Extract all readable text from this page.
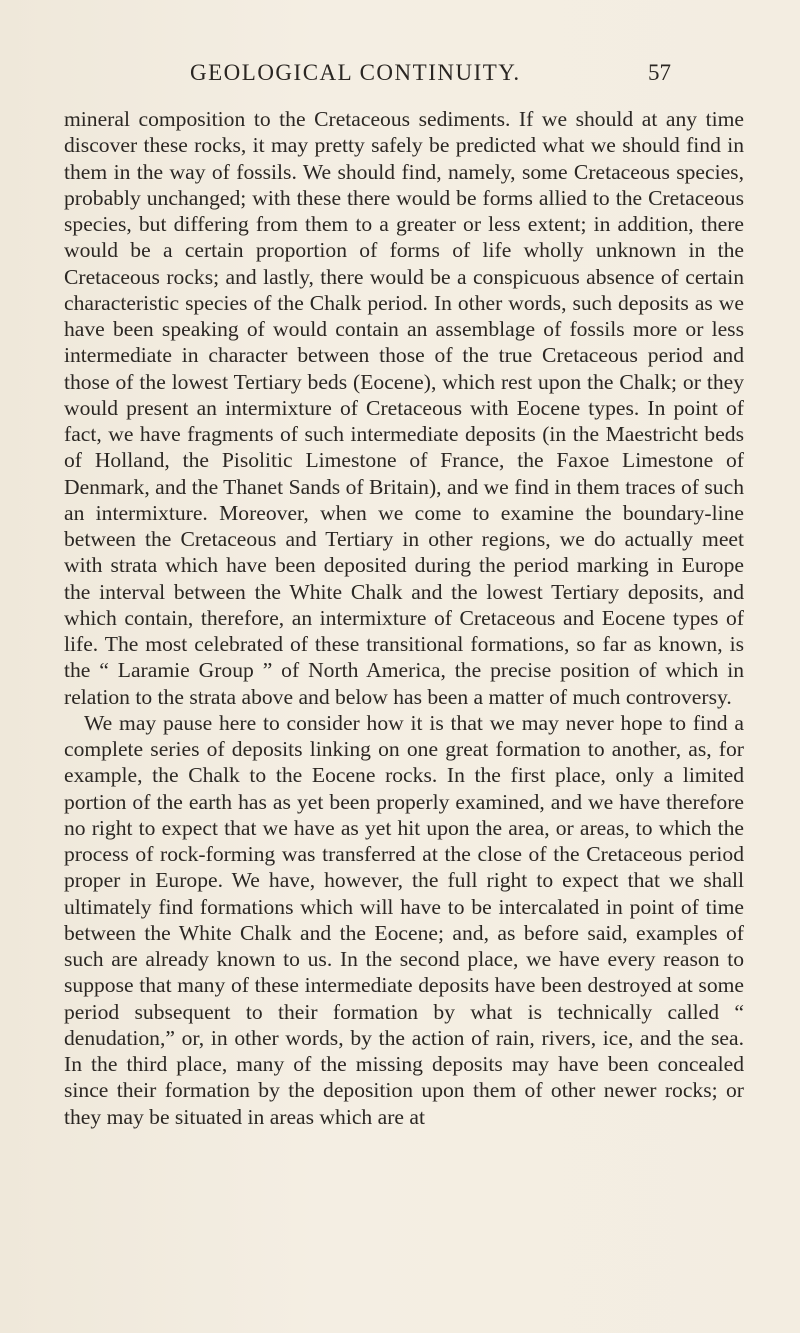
GEOLOGICAL CONTINUITY.	57

mineral composition to the Cretaceous sediments. If we should at any time discover these rocks, it may pretty safely be predicted what we should find in them in the way of fossils. We should find, namely, some Cretaceous species, probably unchanged; with these there would be forms allied to the Cretaceous species, but differing from them to a greater or less extent; in addition, there would be a certain proportion of forms of life wholly unknown in the Cretaceous rocks; and lastly, there would be a conspicuous absence of certain characteristic species of the Chalk period. In other words, such deposits as we have been speaking of would contain an assemblage of fossils more or less intermediate in character between those of the true Cretaceous period and those of the lowest Tertiary beds (Eocene), which rest upon the Chalk; or they would present an intermixture of Cretaceous with Eocene types. In point of fact, we have fragments of such intermediate deposits (in the Maestricht beds of Holland, the Pisolitic Limestone of France, the Faxoe Limestone of Denmark, and the Thanet Sands of Britain), and we find in them traces of such an intermixture. Moreover, when we come to examine the boundary-line between the Cretaceous and Tertiary in other regions, we do actually meet with strata which have been deposited during the period marking in Europe the interval between the White Chalk and the lowest Tertiary deposits, and which contain, therefore, an intermixture of Cretaceous and Eocene types of life. The most celebrated of these transitional formations, so far as known, is the “ Laramie Group ” of North America, the precise position of which in relation to the strata above and below has been a matter of much controversy.

We may pause here to consider how it is that we may never hope to find a complete series of deposits linking on one great formation to another, as, for example, the Chalk to the Eocene rocks. In the first place, only a limited portion of the earth has as yet been properly examined, and we have therefore no right to expect that we have as yet hit upon the area, or areas, to which the process of rock-forming was transferred at the close of the Cretaceous period proper in Europe. We have, however, the full right to expect that we shall ultimately find formations which will have to be intercalated in point of time between the White Chalk and the Eocene; and, as before said, examples of such are already known to us. In the second place, we have every reason to suppose that many of these intermediate deposits have been destroyed at some period subsequent to their formation by what is technically called “ denudation,” or, in other words, by the action of rain, rivers, ice, and the sea. In the third place, many of the missing deposits may have been concealed since their formation by the deposition upon them of other newer rocks; or they may be situated in areas which are at
